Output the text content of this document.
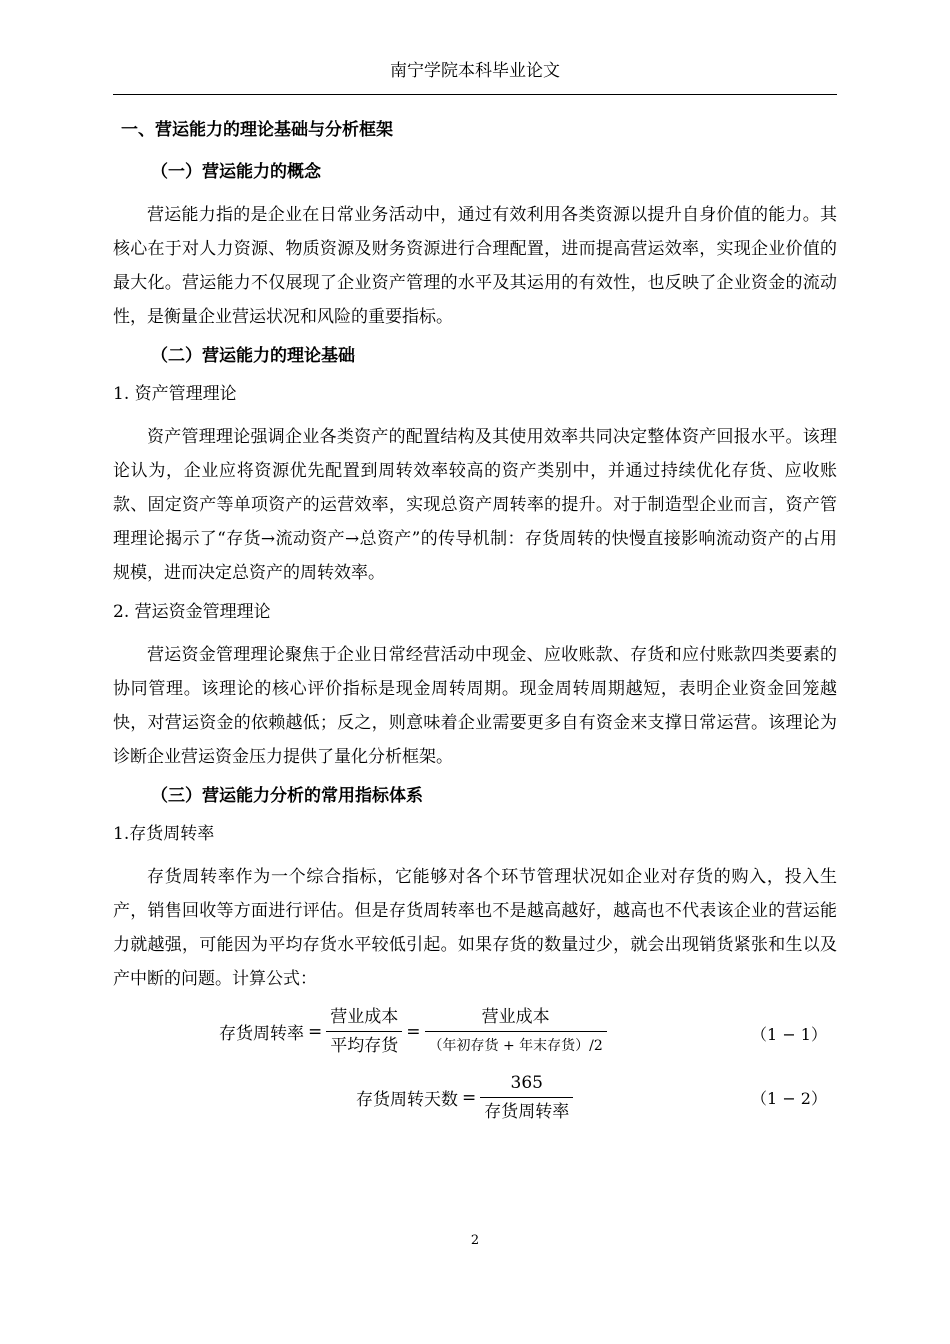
南宁学院本科毕业论文
一、营运能力的理论基础与分析框架
（一）营运能力的概念
营运能力指的是企业在日常业务活动中，通过有效利用各类资源以提升自身价值的能力。其核心在于对人力资源、物质资源及财务资源进行合理配置，进而提高营运效率，实现企业价值的最大化。营运能力不仅展现了企业资产管理的水平及其运用的有效性，也反映了企业资金的流动性，是衡量企业营运状况和风险的重要指标。
（二）营运能力的理论基础
1. 资产管理理论
资产管理理论强调企业各类资产的配置结构及其使用效率共同决定整体资产回报水平。该理论认为，企业应将资源优先配置到周转效率较高的资产类别中，并通过持续优化存货、应收账款、固定资产等单项资产的运营效率，实现总资产周转率的提升。对于制造型企业而言，资产管理理论揭示了“存货→流动资产→总资产”的传导机制：存货周转的快慢直接影响流动资产的占用规模，进而决定总资产的周转效率。
2. 营运资金管理理论
营运资金管理理论聚焦于企业日常经营活动中现金、应收账款、存货和应付账款四类要素的协同管理。该理论的核心评价指标是现金周转周期。现金周转周期越短，表明企业资金回笼越快，对营运资金的依赖越低；反之，则意味着企业需要更多自有资金来支撑日常运营。该理论为诊断企业营运资金压力提供了量化分析框架。
（三）营运能力分析的常用指标体系
1.存货周转率
存货周转率作为一个综合指标，它能够对各个环节管理状况如企业对存货的购入，投入生产，销售回收等方面进行评估。但是存货周转率也不是越高越好，越高也不代表该企业的营运能力就越强，可能因为平均存货水平较低引起。如果存货的数量过少，就会出现销货紧张和生以及产中断的问题。计算公式：
存货周转率 = $\frac{\text{营业成本}}{\text{平均存货}} = \frac{\text{营业成本}}{\text{（年初存货 + 年末存货）/2}}$	（1 − 1）
存货周转天数 = $\frac{365}{\text{存货周转率}}$	（1 − 2）
2
